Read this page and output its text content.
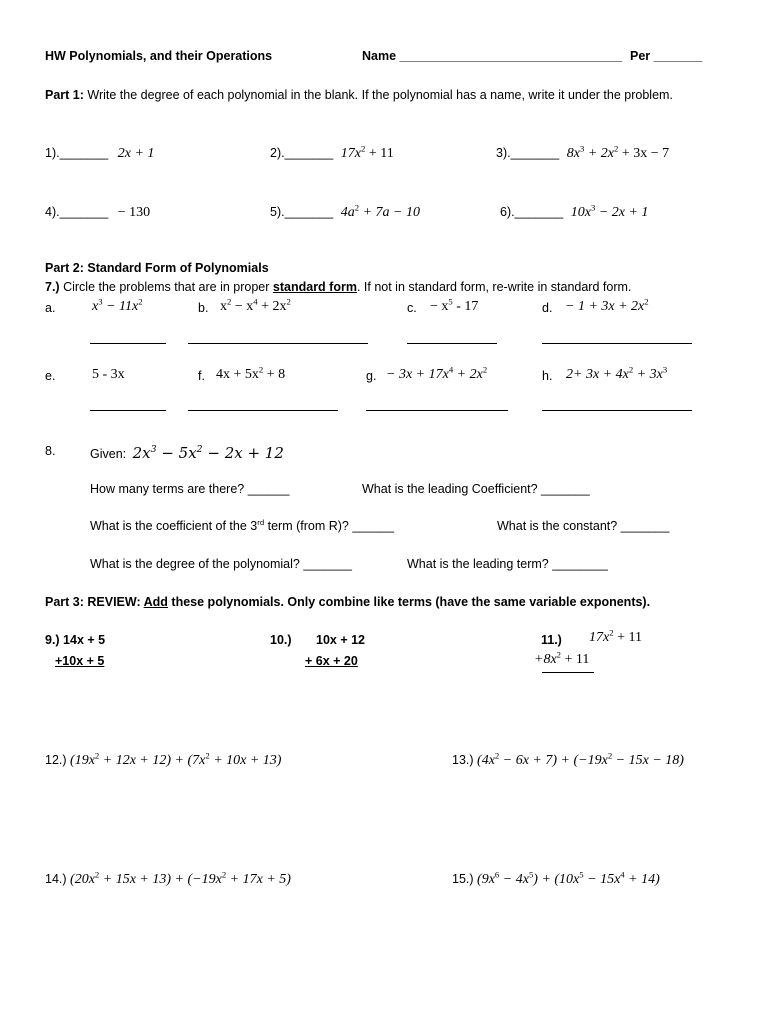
HW Polynomials, and their Operations	Name ________________________________ Per _______
Part 1: Write the degree of each polynomial in the blank. If the polynomial has a name, write it under the problem.
1)._______ 2x + 1	2)._______ $17x^2 + 11$	3)._______ $8x^3 + 2x^2 + 3x - 7$
4)._______ − 130	5)._______ $4a^2 + 7a - 10$	6)._______ $10x^3 - 2x + 1$
Part 2: Standard Form of Polynomials
7.) Circle the problems that are in proper standard form. If not in standard form, re-write in standard form.
a.	$x^3 - 11x^2$	b. $x^2 - x^4 + 2x^2$	c. − $x^5 - 17$	d. − $1 + 3x + 2x^2$
e.	5 - 3x	f. $4x + 5x^2 + 8$	g. − $3x + 17x^4 + 2x^2$	h. $2+ 3x + 4x^2 + 3x^3$
8.	Given: $2x^3 - 5x^2 - 2x + 12$
How many terms are there? ______	What is the leading Coefficient? _______
What is the coefficient of the 3rd term (from R)? ______	What is the constant? _______
What is the degree of the polynomial? _______	What is the leading term? ________
Part 3: REVIEW: Add these polynomials. Only combine like terms (have the same variable exponents).
9.) 14x + 5
+10x + 5
10.) 10x + 12
+ 6x + 20
11.) $17x^2 + 11$
$+8x^2 + 11$
12.) $(19x^2 + 12x + 12) + (7x^2 + 10x + 13)$	13.) $(4x^2 - 6x + 7) + (-19x^2 - 15x - 18)$
14.) $(20x^2 + 15x + 13) + (-19x^2 + 17x + 5)$	15.) $(9x^6 - 4x^5) + (10x^5 - 15x^4 + 14)$
